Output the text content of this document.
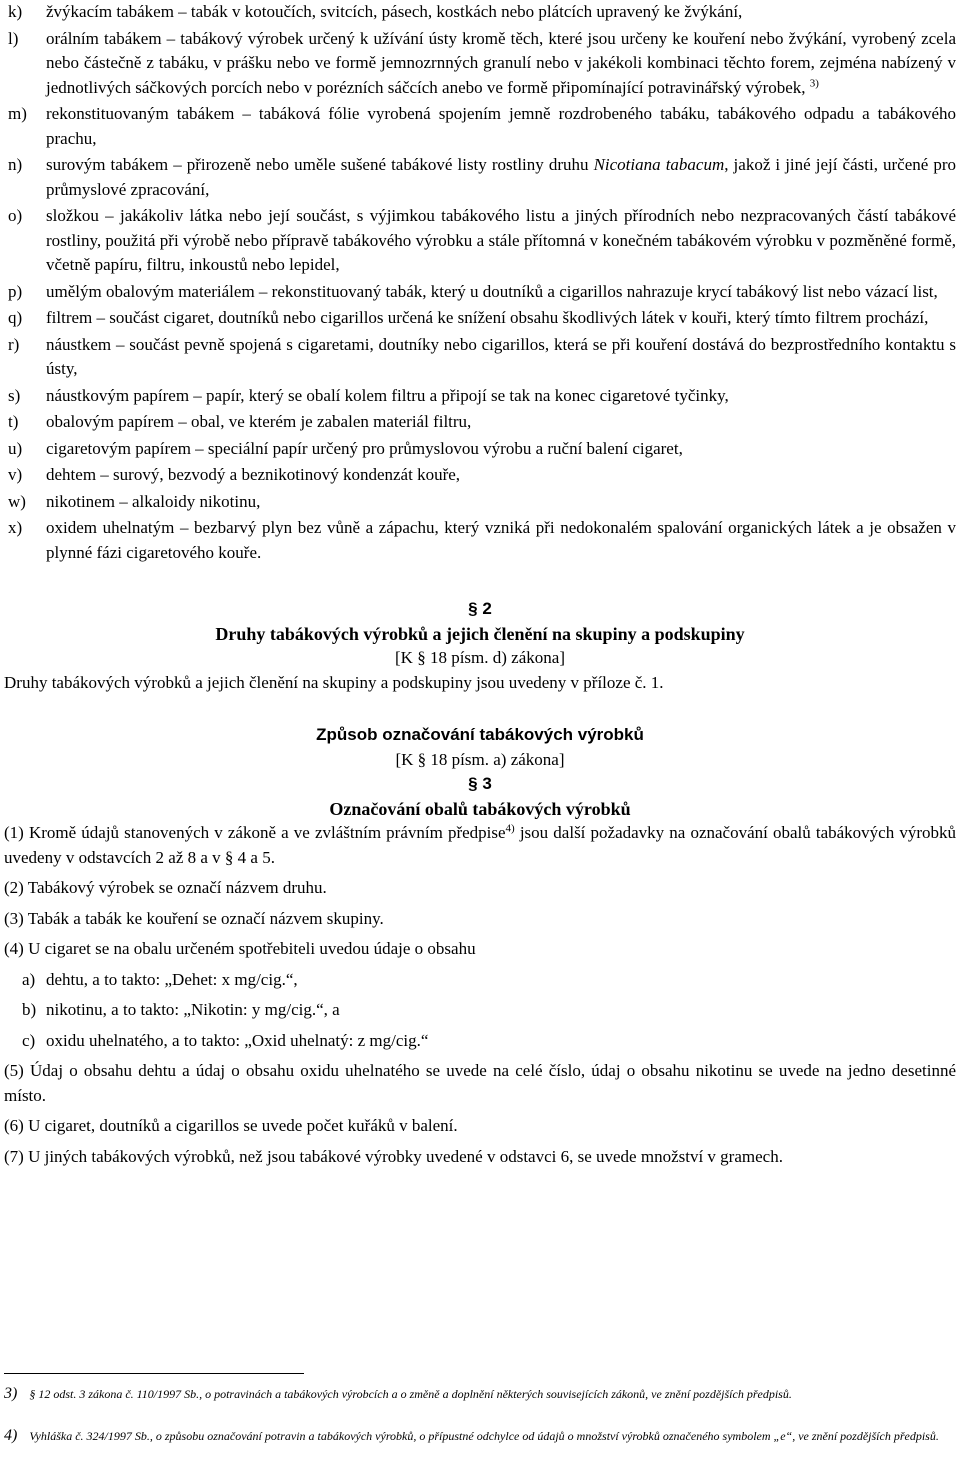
k) žvýkacím tabákem – tabák v kotoučích, svitcích, pásech, kostkách nebo plátcích upravený ke žvýkání,
l) orálním tabákem – tabákový výrobek určený k užívání ústy kromě těch, které jsou určeny ke kouření nebo žvýkání, vyrobený zcela nebo částečně z tabáku, v prášku nebo ve formě jemnozrnných granulí nebo v jakékoli kombinaci těchto forem, zejména nabízený v jednotlivých sáčkových porcích nebo v porézních sáčcích anebo ve formě připomínající potravinářský výrobek, $^{3)}$
m) rekonstituovaným tabákem – tabáková fólie vyrobená spojením jemně rozdrobeného tabáku, tabákového odpadu a tabákového prachu,
n) surovým tabákem – přirozeně nebo uměle sušené tabákové listy rostliny druhu Nicotiana tabacum, jakož i jiné její části, určené pro průmyslové zpracování,
o) složkou – jakákoliv látka nebo její součást, s výjimkou tabákového listu a jiných přírodních nebo nezpracovaných částí tabákové rostliny, použitá při výrobě nebo přípravě tabákového výrobku a stále přítomná v konečném tabákovém výrobku v pozměněné formě, včetně papíru, filtru, inkoustů nebo lepidel,
p) umělým obalovým materiálem – rekonstituovaný tabák, který u doutníků a cigarillos nahrazuje krycí tabákový list nebo vázací list,
q) filtrem – součást cigaret, doutníků nebo cigarillos určená ke snížení obsahu škodlivých látek v kouři, který tímto filtrem prochází,
r) náustkem – součást pevně spojená s cigaretami, doutníky nebo cigarillos, která se při kouření dostává do bezprostředního kontaktu s ústy,
s) náustkovým papírem – papír, který se obalí kolem filtru a připojí se tak na konec cigaretové tyčinky,
t) obalovým papírem – obal, ve kterém je zabalen materiál filtru,
u) cigaretovým papírem – speciální papír určený pro průmyslovou výrobu a ruční balení cigaret,
v) dehtem – surový, bezvodý a beznikotinový kondenzát kouře,
w) nikotinem – alkaloidy nikotinu,
x) oxidem uhelnatým – bezbarvý plyn bez vůně a zápachu, který vzniká při nedokonalém spalování organických látek a je obsažen v plynné fázi cigaretového kouře.
§ 2
Druhy tabákových výrobků a jejich členění na skupiny a podskupiny
[K § 18 písm. d) zákona]
Druhy tabákových výrobků a jejich členění na skupiny a podskupiny jsou uvedeny v příloze č. 1.
Způsob označování tabákových výrobků
[K § 18 písm. a) zákona]
§ 3
Označování obalů tabákových výrobků
(1) Kromě údajů stanovených v zákoně a ve zvláštním právním předpise$^{4)}$ jsou další požadavky na označování obalů tabákových výrobků uvedeny v odstavcích 2 až 8 a v § 4 a 5.
(2) Tabákový výrobek se označí názvem druhu.
(3) Tabák a tabák ke kouření se označí názvem skupiny.
(4) U cigaret se na obalu určeném spotřebiteli uvedou údaje o obsahu
a) dehtu, a to takto: „Dehet: x mg/cig.“,
b) nikotinu, a to takto: „Nikotin: y mg/cig.“, a
c) oxidu uhelnatého, a to takto: „Oxid uhelnatý: z mg/cig.“
(5) Údaj o obsahu dehtu a údaj o obsahu oxidu uhelnatého se uvede na celé číslo, údaj o obsahu nikotinu se uvede na jedno desetinné místo.
(6) U cigaret, doutníků a cigarillos se uvede počet kuřáků v balení.
(7) U jiných tabákových výrobků, než jsou tabákové výrobky uvedené v odstavci 6, se uvede množství v gramech.
3) § 12 odst. 3 zákona č. 110/1997 Sb., o potravinách a tabákových výrobcích a o změně a doplnění některých souvisejících zákonů, ve znění pozdějších předpisů.
4) Vyhláška č. 324/1997 Sb., o způsobu označování potravin a tabákových výrobků, o přípustné odchylce od údajů o množství výrobků označeného symbolem „e“, ve znění pozdějších předpisů.
